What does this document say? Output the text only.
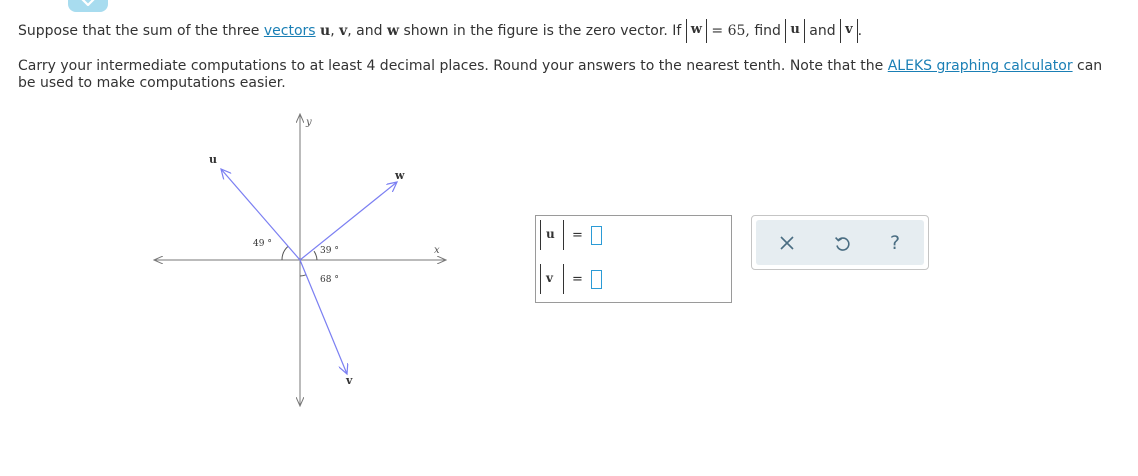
Suppose that the sum of the three
vectors
u ,
v , and
w
shown in the figure is the zero vector. If
w
= 65,
find
u
and
v .
Carry your intermediate computations to at least 4 decimal places. Round your answers to the nearest tenth. Note that the ALEKS graphing calculator can be used to make computations easier.
x
y
u
w
v
49 °
39 °
68 °
u =
v =
?
